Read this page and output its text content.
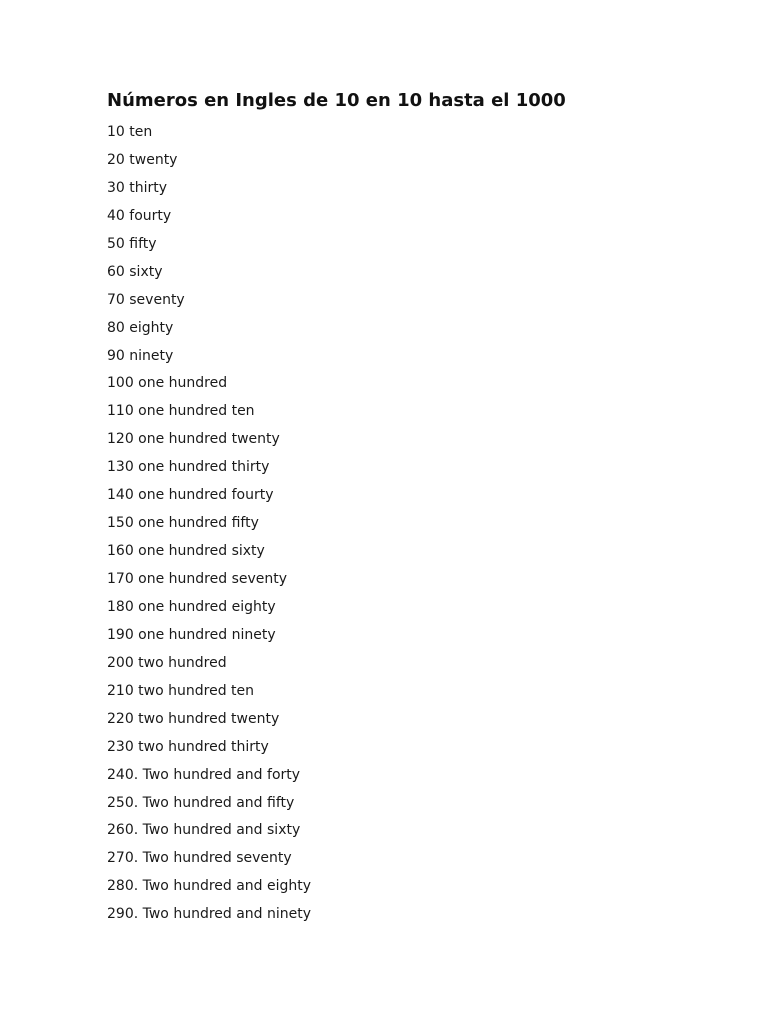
Números en Ingles de 10 en 10 hasta el 1000
10 ten
20 twenty
30 thirty
40 fourty
50 fifty
60 sixty
70 seventy
80 eighty
90 ninety
100 one hundred
110 one hundred ten
120 one hundred twenty
130 one hundred thirty
140 one hundred fourty
150 one hundred fifty
160 one hundred sixty
170 one hundred seventy
180 one hundred eighty
190 one hundred ninety
200 two hundred
210 two hundred ten
220 two hundred twenty
230 two hundred thirty
240. Two hundred and forty
250. Two hundred and fifty
260. Two hundred and sixty
270. Two hundred seventy
280. Two hundred and eighty
290. Two hundred and ninety
